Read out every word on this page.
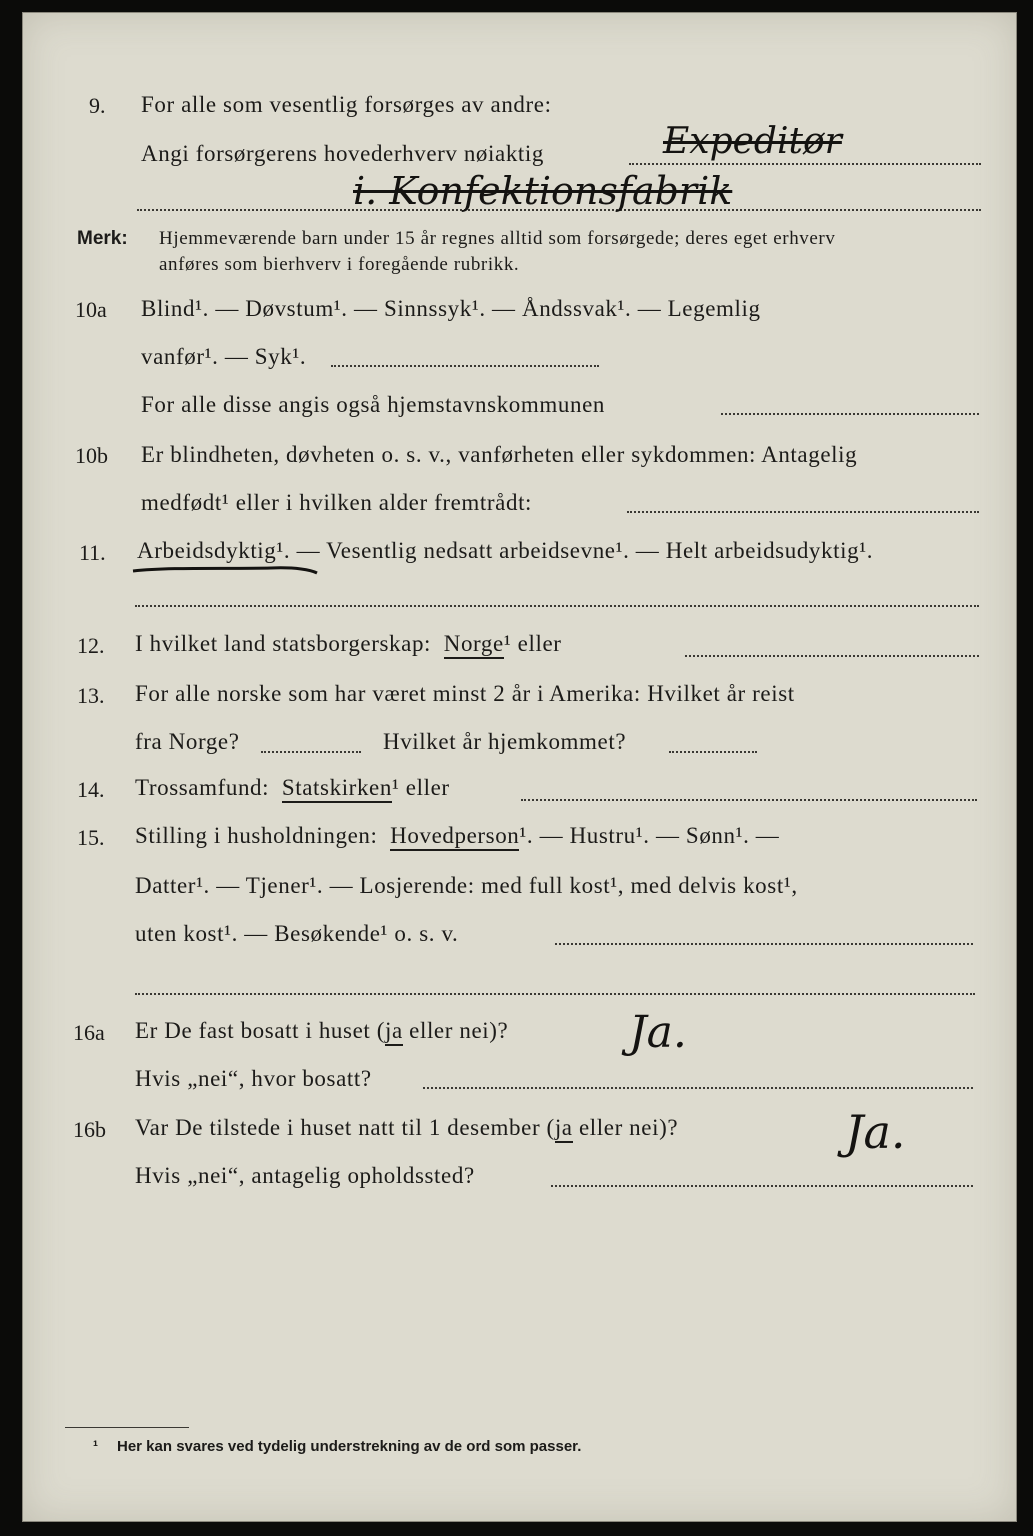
9. For alle som vesentlig forsørges av andre:
Angi forsørgerens hovederhverv nøiaktig	Expeditør
i. Konfektionsfabrik
Merk: Hjemmeværende barn under 15 år regnes alltid som forsørgede; deres eget erhverv
anføres som bierhverv i foregående rubrikk.
10a Blind¹. — Døvstum¹. — Sinnssyk¹. — Åndssvak¹. — Legemlig
vanfør¹. — Syk¹.
For alle disse angis også hjemstavnskommunen
10b Er blindheten, døvheten o. s. v., vanførheten eller sykdommen: Antagelig
medfødt¹ eller i hvilken alder fremtrådt:
11. Arbeidsdyktig¹. — Vesentlig nedsatt arbeidsevne¹. — Helt arbeidsudyktig¹.
12. I hvilket land statsborgerskap: Norge¹ eller
13. For alle norske som har været minst 2 år i Amerika: Hvilket år reist
fra Norge?	Hvilket år hjemkommet?
14. Trossamfund: Statskirken¹ eller
15. Stilling i husholdningen: Hovedperson¹. — Hustru¹. — Sønn¹. —
Datter¹. — Tjener¹. — Losjerende: med full kost¹, med delvis kost¹,
uten kost¹. — Besøkende¹ o. s. v.
16a Er De fast bosatt i huset (ja eller nei)?	Ja.
Hvis „nei“, hvor bosatt?
16b Var De tilstede i huset natt til 1 desember (ja eller nei)?	Ja.
Hvis „nei“, antagelig opholdssted?
¹ Her kan svares ved tydelig understrekning av de ord som passer.
